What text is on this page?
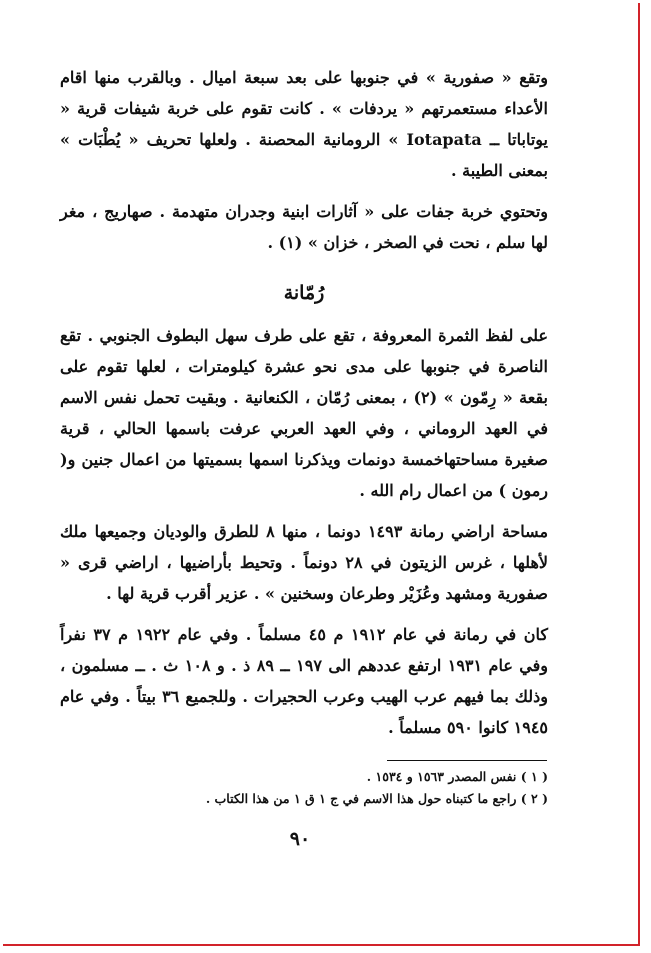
وتقع « صفورية » في جنوبها على بعد سبعة اميال . وبالقرب منها اقام الأعداء مستعمرتهم « يردفات » . كانت تقوم على خربة شيفات قرية « يوتاباتا ــ Iotapata » الرومانية المحصنة . ولعلها تحريف « يُطْبَات » بمعنى الطيبة .

وتحتوي خربة جفات على « آثارات ابنية وجدران متهدمة . صهاريج ، مغر لها سلم ، نحت في الصخر ، خزان » (١) .

رُمّانة

على لفظ الثمرة المعروفة ، تقع على طرف سهل البطوف الجنوبي . تقع الناصرة في جنوبها على مدى نحو عشرة كيلومترات ، لعلها تقوم على بقعة « رِمّون » (٢) ، بمعنى رُمّان ، الكنعانية . وبقيت تحمل نفس الاسم في العهد الروماني ، وفي العهد العربي عرفت باسمها الحالي ، قرية صغيرة مساحتهاخمسة دونمات ويذكرنا اسمها بسميتها من اعمال جنين و( رمون ) من اعمال رام الله .

مساحة اراضي رمانة ١٤٩٣ دونما ، منها ٨ للطرق والوديان وجميعها ملك لأهلها ، غرس الزيتون في ٢٨ دونماً . وتحيط بأراضيها ، اراضي قرى « صفورية ومشهد وعُزَيْر وطرعان وسخنين » . عزير أقرب قرية لها .

كان في رمانة في عام ١٩١٢ م ٤٥ مسلماً . وفي عام ١٩٢٢ م ٣٧ نفراً وفي عام ١٩٣١ ارتفع عددهم الى ١٩٧ ــ ٨٩ ذ . و ١٠٨ ث . ــ مسلمون ، وذلك بما فيهم عرب الهيب وعرب الحجيرات . وللجميع ٣٦ بيتاً . وفي عام ١٩٤٥ كانوا ٥٩٠ مسلماً .

( ١ ) نفس المصدر ١٥٦٣ و ١٥٣٤ .

( ٢ ) راجع ما كتبناه حول هذا الاسم في ج ١ ق ١ من هذا الكتاب .

٩٠
